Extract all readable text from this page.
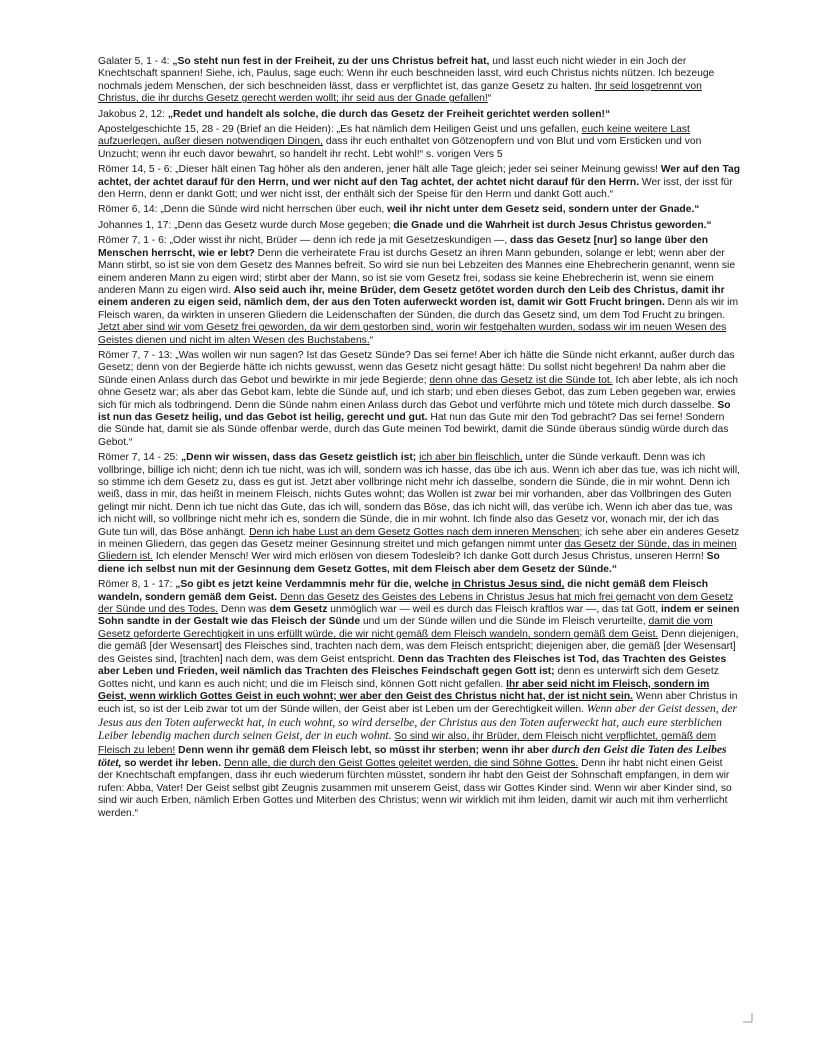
Galater 5, 1 - 4: „So steht nun fest in der Freiheit, zu der uns Christus befreit hat, und lasst euch nicht wieder in ein Joch der Knechtschaft spannen! Siehe, ich, Paulus, sage euch: Wenn ihr euch beschneiden lasst, wird euch Christus nichts nützen. Ich bezeuge nochmals jedem Menschen, der sich beschneiden lässt, dass er verpflichtet ist, das ganze Gesetz zu halten. Ihr seid losgetrennt von Christus, die ihr durchs Gesetz gerecht werden wollt; ihr seid aus der Gnade gefallen!“

Jakobus 2, 12: „Redet und handelt als solche, die durch das Gesetz der Freiheit gerichtet werden sollen!“

Apostelgeschichte 15, 28 - 29 (Brief an die Heiden): „Es hat nämlich dem Heiligen Geist und uns gefallen, euch keine weitere Last aufzuerlegen, außer diesen notwendigen Dingen, dass ihr euch enthaltet von Götzenopfern und von Blut und vom Ersticken und von Unzucht; wenn ihr euch davor bewahrt, so handelt ihr recht. Lebt wohl!“ s. vorigen Vers 5

Römer 14, 5 - 6: „Dieser hält einen Tag höher als den anderen, jener hält alle Tage gleich; jeder sei seiner Meinung gewiss! Wer auf den Tag achtet, der achtet darauf für den Herrn, und wer nicht auf den Tag achtet, der achtet nicht darauf für den Herrn. Wer isst, der isst für den Herrn, denn er dankt Gott; und wer nicht isst, der enthält sich der Speise für den Herrn und dankt Gott auch.“

Römer 6, 14: „Denn die Sünde wird nicht herrschen über euch, weil ihr nicht unter dem Gesetz seid, sondern unter der Gnade.“

Johannes 1, 17: „Denn das Gesetz wurde durch Mose gegeben; die Gnade und die Wahrheit ist durch Jesus Christus geworden.“

Römer 7, 1 - 6: „Oder wisst ihr nicht, Brüder — denn ich rede ja mit Gesetzeskundigen —, dass das Gesetz [nur] so lange über den Menschen herrscht, wie er lebt? Denn die verheiratete Frau ist durchs Gesetz an ihren Mann gebunden, solange er lebt; wenn aber der Mann stirbt, so ist sie von dem Gesetz des Mannes befreit. So wird sie nun bei Lebzeiten des Mannes eine Ehebrecherin genannt, wenn sie einem anderen Mann zu eigen wird; stirbt aber der Mann, so ist sie vom Gesetz frei, sodass sie keine Ehebrecherin ist, wenn sie einem anderen Mann zu eigen wird. Also seid auch ihr, meine Brüder, dem Gesetz getötet worden durch den Leib des Christus, damit ihr einem anderen zu eigen seid, nämlich dem, der aus den Toten auferweckt worden ist, damit wir Gott Frucht bringen. Denn als wir im Fleisch waren, da wirkten in unseren Gliedern die Leidenschaften der Sünden, die durch das Gesetz sind, um dem Tod Frucht zu bringen. Jetzt aber sind wir vom Gesetz frei geworden, da wir dem gestorben sind, worin wir festgehalten wurden, sodass wir im neuen Wesen des Geistes dienen und nicht im alten Wesen des Buchstabens.“

Römer 7, 7 - 13: „Was wollen wir nun sagen? Ist das Gesetz Sünde? Das sei ferne! Aber ich hätte die Sünde nicht erkannt, außer durch das Gesetz; denn von der Begierde hätte ich nichts gewusst, wenn das Gesetz nicht gesagt hätte: Du sollst nicht begehren! Da nahm aber die Sünde einen Anlass durch das Gebot und bewirkte in mir jede Begierde; denn ohne das Gesetz ist die Sünde tot. Ich aber lebte, als ich noch ohne Gesetz war; als aber das Gebot kam, lebte die Sünde auf, und ich starb; und eben dieses Gebot, das zum Leben gegeben war, erwies sich für mich als todbringend. Denn die Sünde nahm einen Anlass durch das Gebot und verführte mich und tötete mich durch dasselbe. So ist nun das Gesetz heilig, und das Gebot ist heilig, gerecht und gut. Hat nun das Gute mir den Tod gebracht? Das sei ferne! Sondern die Sünde hat, damit sie als Sünde offenbar werde, durch das Gute meinen Tod bewirkt, damit die Sünde überaus sündig würde durch das Gebot.“

Römer 7, 14 - 25: „Denn wir wissen, dass das Gesetz geistlich ist; ich aber bin fleischlich, unter die Sünde verkauft. Denn was ich vollbringe, billige ich nicht; denn ich tue nicht, was ich will, sondern was ich hasse, das übe ich aus. Wenn ich aber das tue, was ich nicht will, so stimme ich dem Gesetz zu, dass es gut ist. Jetzt aber vollbringe nicht mehr ich dasselbe, sondern die Sünde, die in mir wohnt. Denn ich weiß, dass in mir, das heißt in meinem Fleisch, nichts Gutes wohnt; das Wollen ist zwar bei mir vorhanden, aber das Vollbringen des Guten gelingt mir nicht. Denn ich tue nicht das Gute, das ich will, sondern das Böse, das ich nicht will, das verübe ich. Wenn ich aber das tue, was ich nicht will, so vollbringe nicht mehr ich es, sondern die Sünde, die in mir wohnt. Ich finde also das Gesetz vor, wonach mir, der ich das Gute tun will, das Böse anhängt. Denn ich habe Lust an dem Gesetz Gottes nach dem inneren Menschen; ich sehe aber ein anderes Gesetz in meinen Gliedern, das gegen das Gesetz meiner Gesinnung streitet und mich gefangen nimmt unter das Gesetz der Sünde, das in meinen Gliedern ist. Ich elender Mensch! Wer wird mich erlösen von diesem Todesleib? Ich danke Gott durch Jesus Christus, unseren Herrn! So diene ich selbst nun mit der Gesinnung dem Gesetz Gottes, mit dem Fleisch aber dem Gesetz der Sünde.“

Römer 8, 1 - 17: „So gibt es jetzt keine Verdammnis mehr für die, welche in Christus Jesus sind, die nicht gemäß dem Fleisch wandeln, sondern gemäß dem Geist. Denn das Gesetz des Geistes des Lebens in Christus Jesus hat mich frei gemacht von dem Gesetz der Sünde und des Todes. Denn was dem Gesetz unmöglich war — weil es durch das Fleisch kraftlos war —, das tat Gott, indem er seinen Sohn sandte in der Gestalt wie das Fleisch der Sünde und um der Sünde willen und die Sünde im Fleisch verurteilte, damit die vom Gesetz geforderte Gerechtigkeit in uns erfüllt würde, die wir nicht gemäß dem Fleisch wandeln, sondern gemäß dem Geist. Denn diejenigen, die gemäß [der Wesensart] des Fleisches sind, trachten nach dem, was dem Fleisch entspricht; diejenigen aber, die gemäß [der Wesensart] des Geistes sind, [trachten] nach dem, was dem Geist entspricht. Denn das Trachten des Fleisches ist Tod, das Trachten des Geistes aber Leben und Frieden, weil nämlich das Trachten des Fleisches Feindschaft gegen Gott ist; denn es unterwirft sich dem Gesetz Gottes nicht, und kann es auch nicht; und die im Fleisch sind, können Gott nicht gefallen. Ihr aber seid nicht im Fleisch, sondern im Geist, wenn wirklich Gottes Geist in euch wohnt; wer aber den Geist des Christus nicht hat, der ist nicht sein. Wenn aber Christus in euch ist, so ist der Leib zwar tot um der Sünde willen, der Geist aber ist Leben um der Gerechtigkeit willen. Wenn aber der Geist dessen, der Jesus aus den Toten auferweckt hat, in euch wohnt, so wird derselbe, der Christus aus den Toten auferweckt hat, auch eure sterblichen Leiber lebendig machen durch seinen Geist, der in euch wohnt. So sind wir also, ihr Brüder, dem Fleisch nicht verpflichtet, gemäß dem Fleisch zu leben! Denn wenn ihr gemäß dem Fleisch lebt, so müsst ihr sterben; wenn ihr aber durch den Geist die Taten des Leibes tötet, so werdet ihr leben. Denn alle, die durch den Geist Gottes geleitet werden, die sind Söhne Gottes. Denn ihr habt nicht einen Geist der Knechtschaft empfangen, dass ihr euch wiederum fürchten müsstet, sondern ihr habt den Geist der Sohnschaft empfangen, in dem wir rufen: Abba, Vater! Der Geist selbst gibt Zeugnis zusammen mit unserem Geist, dass wir Gottes Kinder sind. Wenn wir aber Kinder sind, so sind wir auch Erben, nämlich Erben Gottes und Miterben des Christus; wenn wir wirklich mit ihm leiden, damit wir auch mit ihm verherrlicht werden.“
